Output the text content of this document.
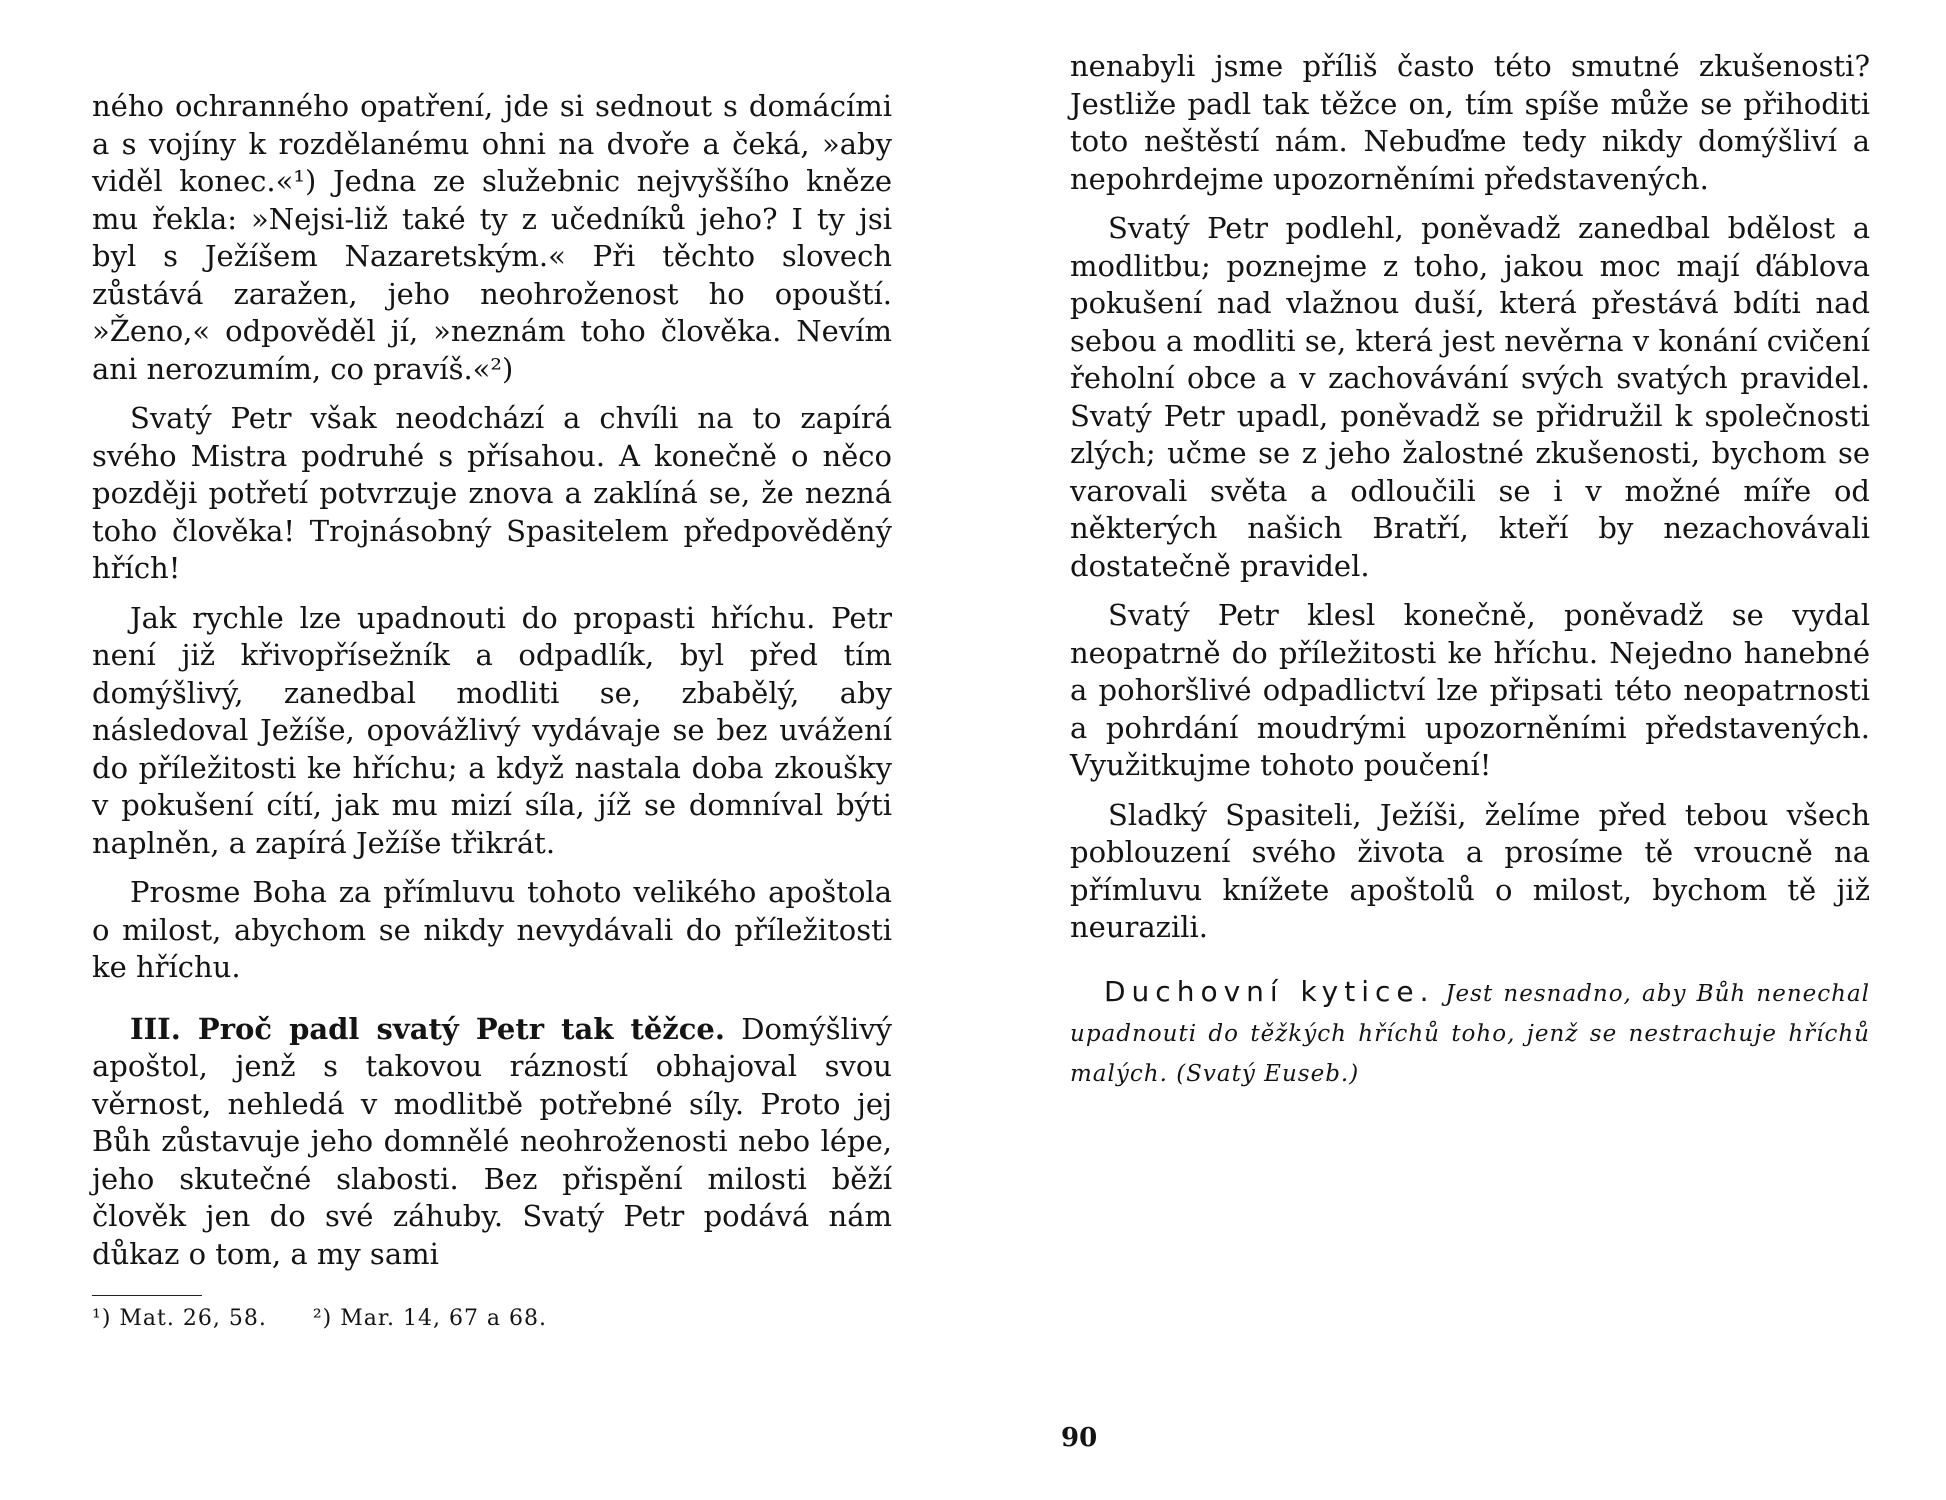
ného ochranného opatření, jde si sednout s domácími a s vojíny k rozdělanému ohni na dvoře a čeká, »aby viděl konec.«¹) Jedna ze služebnic nejvyššího kněze mu řekla: »Nejsi-liž také ty z učedníků jeho? I ty jsi byl s Ježíšem Nazaretským.« Při těchto slovech zůstává zaražen, jeho neohroženost ho opouští. »Ženo,« odpověděl jí, »neznám toho člověka. Nevím ani nerozumím, co pravíš.«²)

Svatý Petr však neodchází a chvíli na to zapírá svého Mistra podruhé s přísahou. A konečně o něco později potřetí potvrzuje znova a zaklíná se, že nezná toho člověka! Trojnásobný Spasitelem předpověděný hřích!

Jak rychle lze upadnouti do propasti hříchu. Petr není již křivopřísežník a odpadlík, byl před tím domýšlivý, zanedbal modliti se, zbabělý, aby následoval Ježíše, opovážlivý vydávaje se bez uvážení do příležitosti ke hříchu; a když nastala doba zkoušky v pokušení cítí, jak mu mizí síla, jíž se domníval býti naplněn, a zapírá Ježíše třikrát.

Prosme Boha za přímluvu tohoto velikého apoštola o milost, abychom se nikdy nevydávali do příležitosti ke hříchu.

III. Proč padl svatý Petr tak těžce. Domýšlivý apoštol, jenž s takovou rázností obhajoval svou věrnost, nehledá v modlitbě potřebné síly. Proto jej Bůh zůstavuje jeho domnělé neohroženosti nebo lépe, jeho skutečné slabosti. Bez přispění milosti běží člověk jen do své záhuby. Svatý Petr podává nám důkaz o tom, a my sami

¹) Mat. 26, 58. ²) Mar. 14, 67 a 68.

nenabyli jsme příliš často této smutné zkušenosti? Jestliže padl tak těžce on, tím spíše může se přihoditi toto neštěstí nám. Nebuďme tedy nikdy domýšliví a nepohrdejme upozorněními představených.

Svatý Petr podlehl, poněvadž zanedbal bdělost a modlitbu; poznejme z toho, jakou moc mají ďáblova pokušení nad vlažnou duší, která přestává bdíti nad sebou a modliti se, která jest nevěrna v konání cvičení řeholní obce a v zachovávání svých svatých pravidel. Svatý Petr upadl, poněvadž se přidružil k společnosti zlých; učme se z jeho žalostné zkušenosti, bychom se varovali světa a odloučili se i v možné míře od některých našich Bratří, kteří by nezachovávali dostatečně pravidel.

Svatý Petr klesl konečně, poněvadž se vydal neopatrně do příležitosti ke hříchu. Nejedno hanebné a pohoršlivé odpadlictví lze připsati této neopatrnosti a pohrdání moudrými upozorněními představených. Využitkujme tohoto poučení!

Sladký Spasiteli, Ježíši, želíme před tebou všech poblouzení svého života a prosíme tě vroucně na přímluvu knížete apoštolů o milost, bychom tě již neurazili.

Duchovní kytice. Jest nesnadno, aby Bůh nenechal upadnouti do těžkých hříchů toho, jenž se nestrachuje hříchů malých. (Svatý Euseb.)

90
